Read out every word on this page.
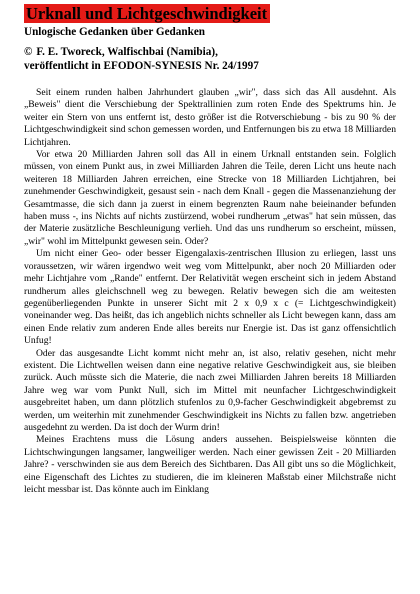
Urknall und Lichtgeschwindigkeit
Unlogische Gedanken über Gedanken
© F. E. Tworeck, Walfischbai (Namibia),
veröffentlicht in EFODON-SYNESIS Nr. 24/1997

Seit einem runden halben Jahrhundert glauben „wir", dass sich das All ausdehnt. Als „Beweis" dient die Verschiebung der Spektrallinien zum roten Ende des Spektrums hin. Je weiter ein Stern von uns entfernt ist, desto größer ist die Rotverschiebung - bis zu 90 % der Lichtgeschwindigkeit sind schon gemessen worden, und Entfernungen bis zu etwa 18 Milliarden Lichtjahren.

Vor etwa 20 Milliarden Jahren soll das All in einem Urknall entstanden sein. Folglich müssen, von einem Punkt aus, in zwei Milliarden Jahren die Teile, deren Licht uns heute nach weiteren 18 Milliarden Jahren erreichen, eine Strecke von 18 Milliarden Lichtjahren, bei zunehmender Geschwindigkeit, gesaust sein - nach dem Knall - gegen die Massenanziehung der Gesamtmasse, die sich dann ja zuerst in einem begrenzten Raum nahe beieinander befunden haben muss -, ins Nichts auf nichts zustürzend, wobei rundherum „etwas" hat sein müssen, das der Materie zusätzliche Beschleunigung verlieh. Und das uns rundherum so erscheint, müssen, „wir" wohl im Mittelpunkt gewesen sein. Oder?

Um nicht einer Geo- oder besser Eigengalaxis-zentrischen Illusion zu erliegen, lasst uns voraussetzen, wir wären irgendwo weit weg vom Mittelpunkt, aber noch 20 Milliarden oder mehr Lichtjahre vom „Rande" entfernt. Der Relativität wegen erscheint sich in jedem Abstand rundherum alles gleichschnell weg zu bewegen. Relativ bewegen sich die am weitesten gegenüberliegenden Punkte in unserer Sicht mit 2 x 0,9 x c (= Lichtgeschwindigkeit) voneinander weg. Das heißt, das ich angeblich nichts schneller als Licht bewegen kann, dass am einen Ende relativ zum anderen Ende alles bereits nur Energie ist. Das ist ganz offensichtlich Unfug!

Oder das ausgesandte Licht kommt nicht mehr an, ist also, relativ gesehen, nicht mehr existent. Die Lichtwellen weisen dann eine negative relative Geschwindigkeit aus, sie bleiben zurück. Auch müsste sich die Materie, die nach zwei Milliarden Jahren bereits 18 Milliarden Jahre weg war vom Punkt Null, sich im Mittel mit neunfacher Lichtgeschwindigkeit ausgebreitet haben, um dann plötzlich stufenlos zu 0,9-facher Geschwindigkeit abgebremst zu werden, um weiterhin mit zunehmender Geschwindigkeit ins Nichts zu fallen bzw. angetrieben ausgedehnt zu werden. Da ist doch der Wurm drin!

Meines Erachtens muss die Lösung anders aussehen. Beispielsweise könnten die Lichtschwingungen langsamer, langweiliger werden. Nach einer gewissen Zeit - 20 Milliarden Jahre? - verschwinden sie aus dem Bereich des Sichtbaren. Das All gibt uns so die Möglichkeit, eine Eigenschaft des Lichtes zu studieren, die im kleineren Maßstab einer Milchstraße nicht leicht messbar ist. Das könnte auch im Einklang
